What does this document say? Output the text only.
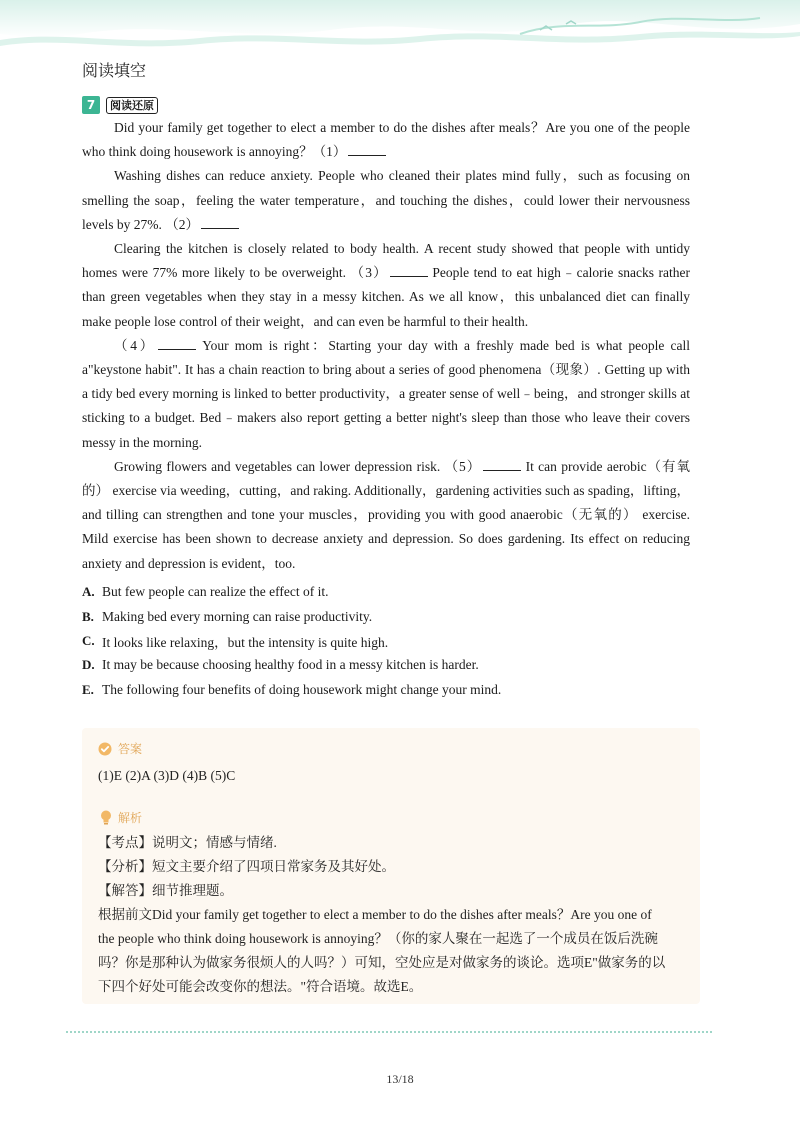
阅读填空
7	阅读还原

Did your family get together to elect a member to do the dishes after meals？Are you one of the people who think doing housework is annoying？（1）

Washing dishes can reduce anxiety. People who cleaned their plates mind fully，such as focusing on smelling the soap，feeling the water temperature，and touching the dishes，could lower their nervousness levels by 27%. （2）

Clearing the kitchen is closely related to body health. A recent study showed that people with untidy homes were 77% more likely to be overweight. （3）	People tend to eat high﹣calorie snacks rather than green vegetables when they stay in a messy kitchen. As we all know，this unbalanced diet can finally make people lose control of their weight，and can even be harmful to their health.

（4）	Your mom is right：Starting your day with a freshly made bed is what people call a"keystone habit". It has a chain reaction to bring about a series of good phenomena（现象）. Getting up with a tidy bed every morning is linked to better productivity，a greater sense of well﹣being，and stronger skills at sticking to a budget. Bed﹣makers also report getting a better night's sleep than those who leave their covers messy in the morning.

Growing flowers and vegetables can lower depression risk. （5）	It can provide aerobic（有氧的） exercise via weeding，cutting，and raking. Additionally，gardening activities such as spading，lifting，and tilling can strengthen and tone your muscles，providing you with good anaerobic（无氧的） exercise. Mild exercise has been shown to decrease anxiety and depression. So does gardening. Its effect on reducing anxiety and depression is evident，too.

A. But few people can realize the effect of it.
B. Making bed every morning can raise productivity.
C. It looks like relaxing，but the intensity is quite high.
D. It may be because choosing healthy food in a messy kitchen is harder.
E. The following four benefits of doing housework might change your mind.
答案
(1)E (2)A (3)D (4)B (5)C
解析
【考点】说明文；情感与情绪.
【分析】短文主要介绍了四项日常家务及其好处。
【解答】细节推理题。
根据前文Did your family get together to elect a member to do the dishes after meals？Are you one of the people who think doing housework is annoying？（你的家人聚在一起选了一个成员在饭后洗碗吗？你是那种认为做家务很烦人的人吗？）可知，空处应是对做家务的谈论。选项E"做家务的以下四个好处可能会改变你的想法。"符合语境。故选E。
13/18
